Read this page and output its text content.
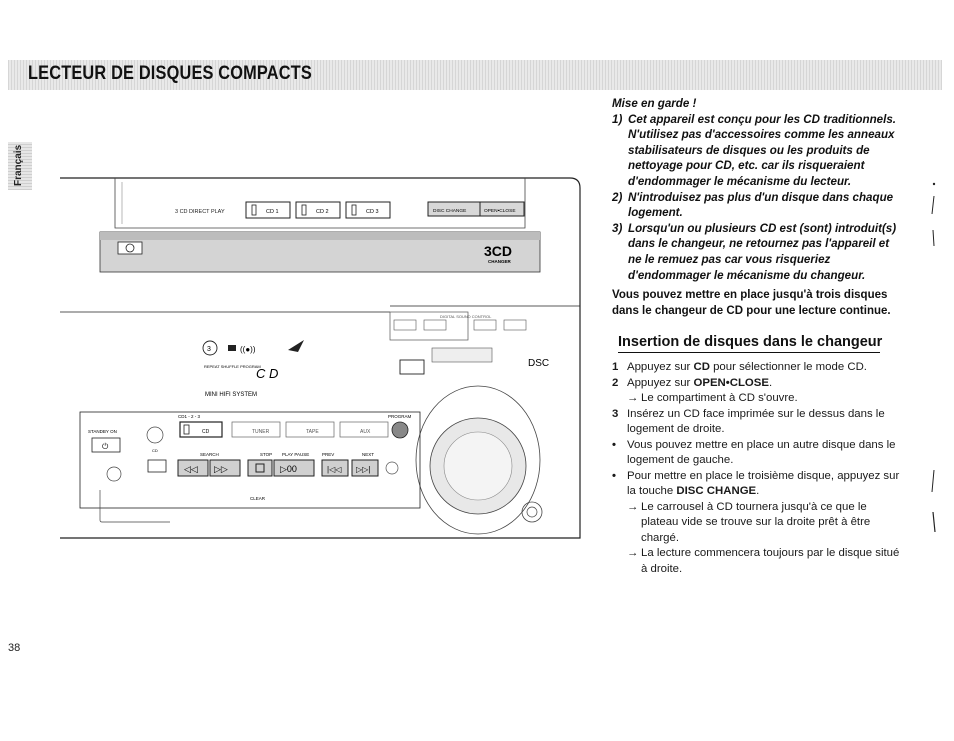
LECTEUR DE DISQUES COMPACTS
Français
3 CD DIRECT PLAY	CD 1	CD 2	CD 3	DISC CHANGE	OPEN•CLOSE
3CD
CHANGER
3	((●))
REPEAT SHUFFLE PROGRAM
C D
MINI HIFI SYSTEM
DIGITAL SOUND CONTROL
DSC
CD1 - 2 - 3	PROGRAM
STANDBY ON
⏻	CD
CD	TUNER	TAPE	AUX
SEARCH	STOP PLAY PAUSE	PREV	NEXT
◁◁ ▷▷	▷00	|◁◁ ▷▷|
CLEAR
Mise en garde !
1) Cet appareil est conçu pour les CD traditionnels. N'utilisez pas d'accessoires comme les anneaux stabilisateurs de disques ou les produits de nettoyage pour CD, etc. car ils risqueraient d'endommager le mécanisme du lecteur.
2) N'introduisez pas plus d'un disque dans chaque logement.
3) Lorsqu'un ou plusieurs CD est (sont) introduit(s) dans le changeur, ne retournez pas l'appareil et ne le remuez pas car vous risqueriez d'endommager le mécanisme du changeur.
Vous pouvez mettre en place jusqu'à trois disques dans le changeur de CD pour une lecture continue.
Insertion de disques dans le changeur
1 Appuyez sur CD pour sélectionner le mode CD.
2 Appuyez sur OPEN•CLOSE.
→ Le compartiment à CD s'ouvre.
3 Insérez un CD face imprimée sur le dessus dans le logement de droite.
• Vous pouvez mettre en place un autre disque dans le logement de gauche.
• Pour mettre en place le troisième disque, appuyez sur la touche DISC CHANGE.
→ Le carrousel à CD tournera jusqu'à ce que le plateau vide se trouve sur la droite prêt à être chargé.
→ La lecture commencera toujours par le disque situé à droite.
38
